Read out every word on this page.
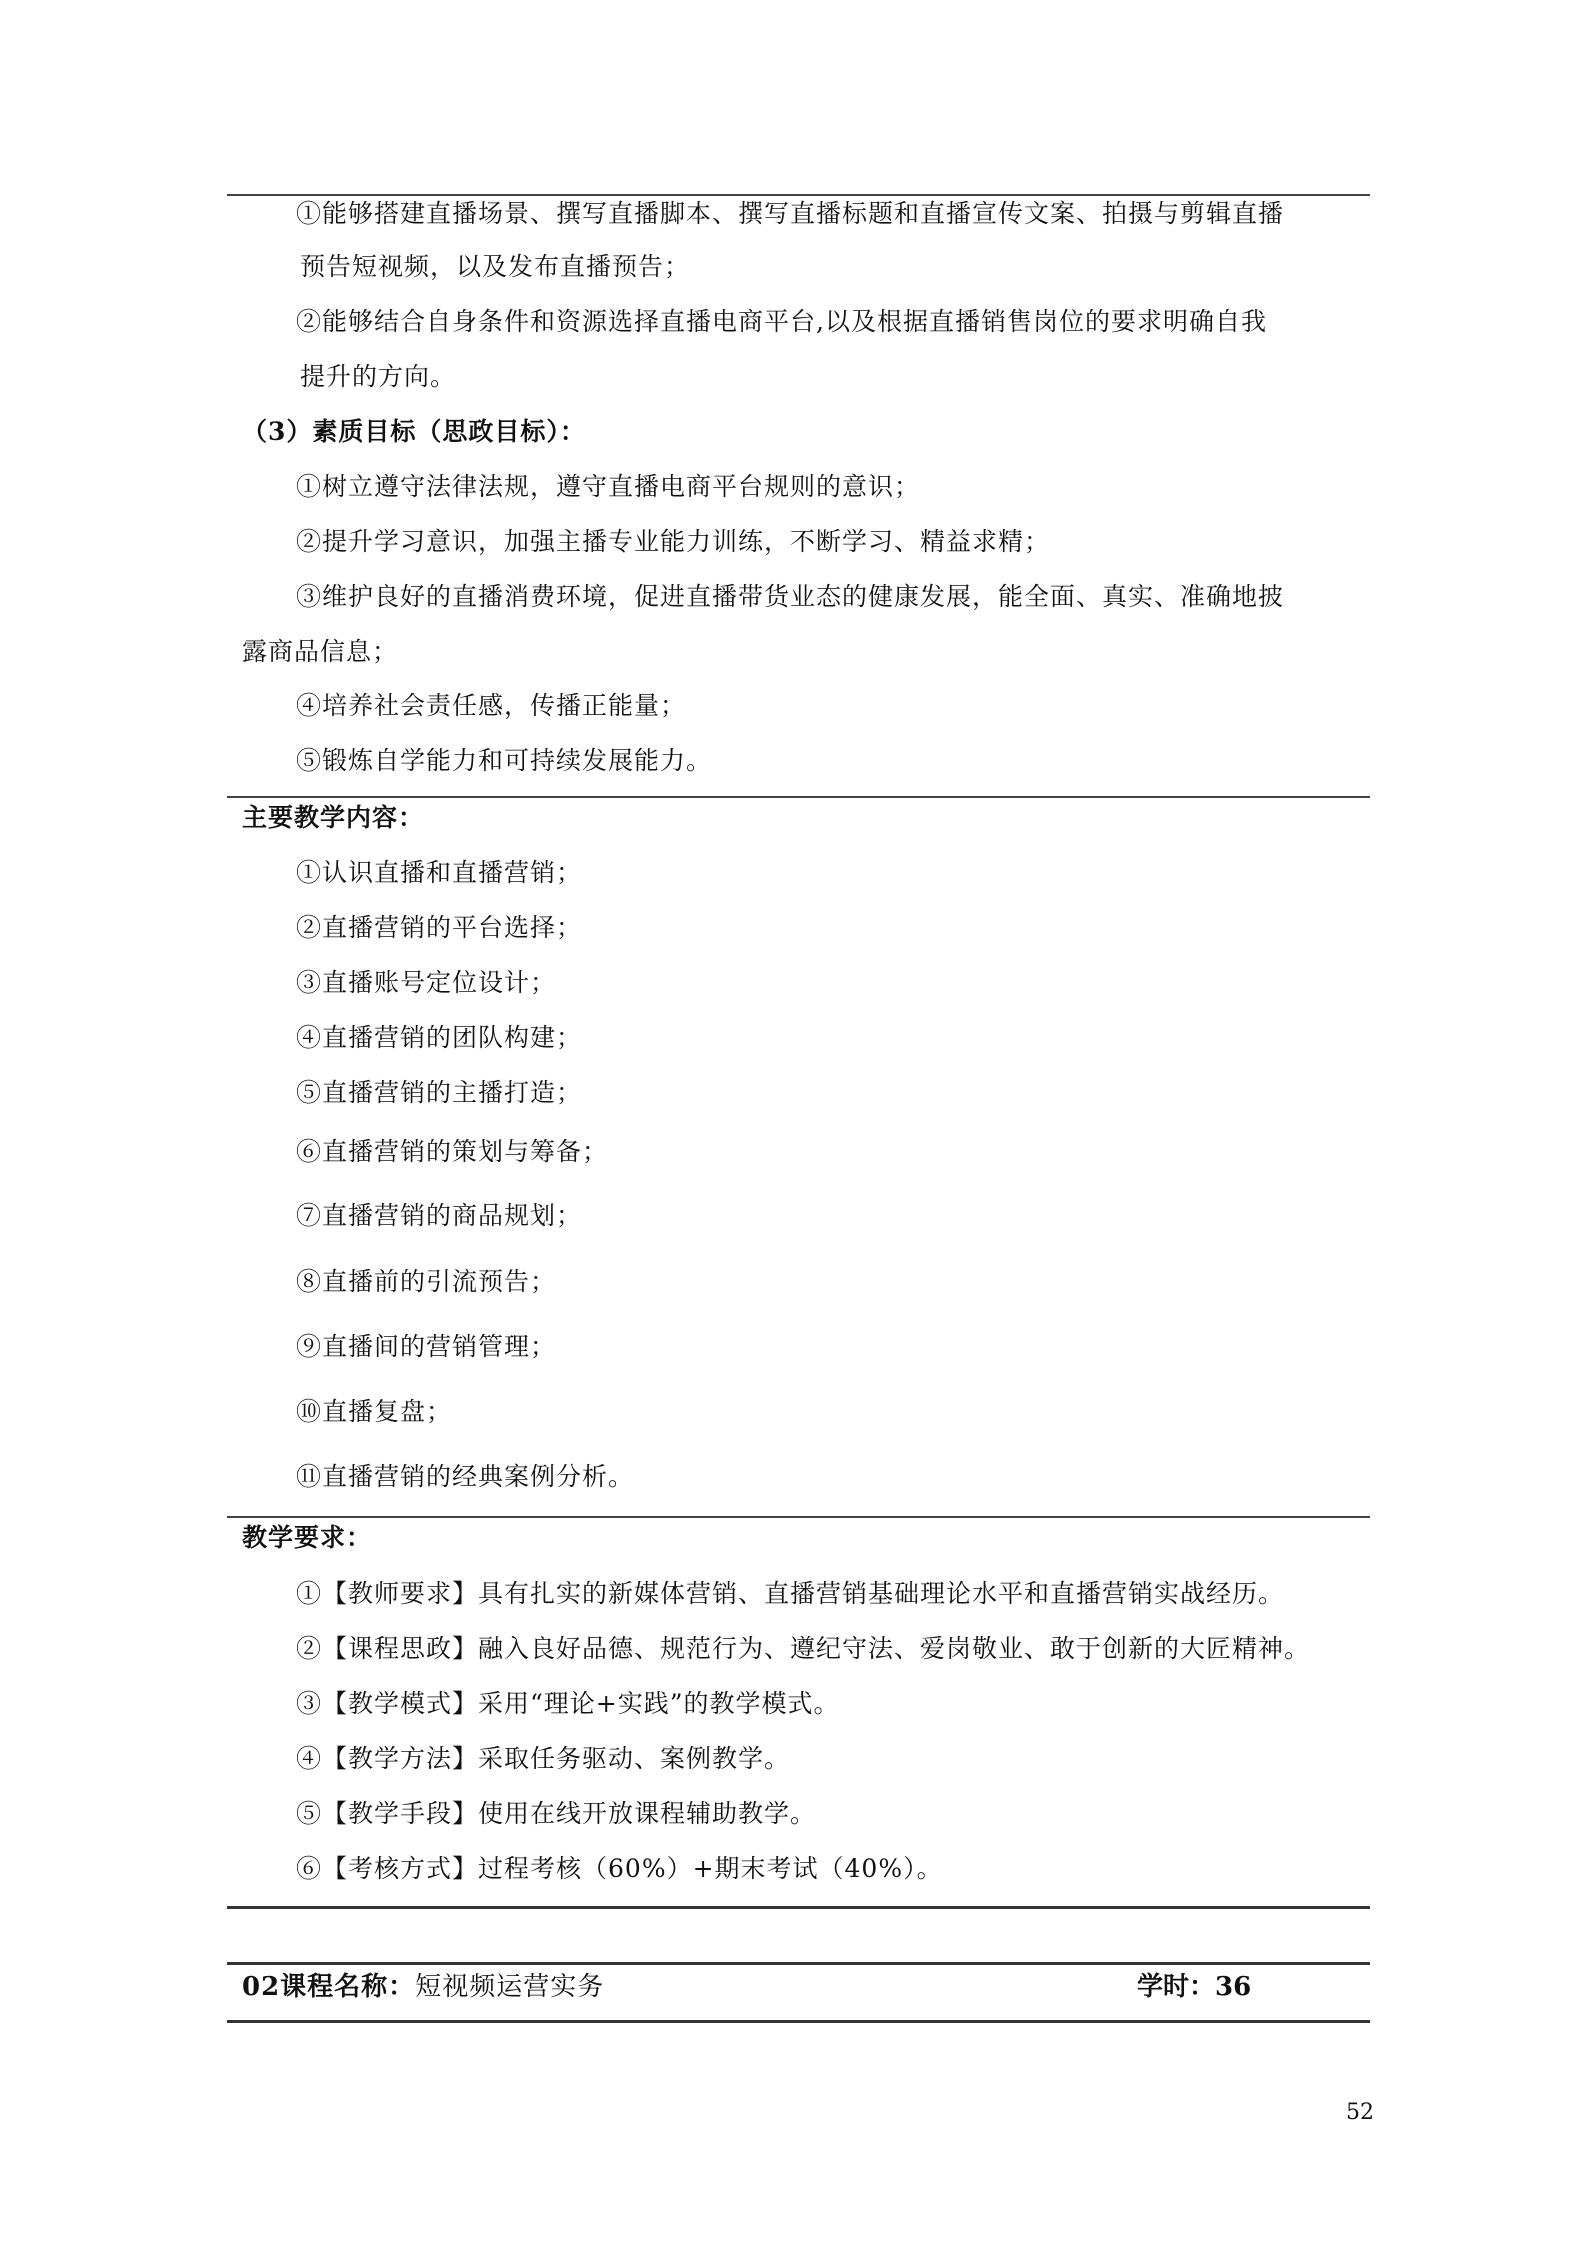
①能够搭建直播场景、撰写直播脚本、撰写直播标题和直播宣传文案、拍摄与剪辑直播
预告短视频，以及发布直播预告；
②能够结合自身条件和资源选择直播电商平台,以及根据直播销售岗位的要求明确自我
提升的方向。
（3）素质目标（思政目标）：
①树立遵守法律法规，遵守直播电商平台规则的意识；
②提升学习意识，加强主播专业能力训练，不断学习、精益求精；
③维护良好的直播消费环境，促进直播带货业态的健康发展，能全面、真实、准确地披
露商品信息；
④培养社会责任感，传播正能量；
⑤锻炼自学能力和可持续发展能力。
主要教学内容：
①认识直播和直播营销；
②直播营销的平台选择；
③直播账号定位设计；
④直播营销的团队构建；
⑤直播营销的主播打造；
⑥直播营销的策划与筹备；
⑦直播营销的商品规划；
⑧直播前的引流预告；
⑨直播间的营销管理；
⑩直播复盘；
⑪直播营销的经典案例分析。
教学要求：
①【教师要求】具有扎实的新媒体营销、直播营销基础理论水平和直播营销实战经历。
②【课程思政】融入良好品德、规范行为、遵纪守法、爱岗敬业、敢于创新的大匠精神。
③【教学模式】采用“理论+实践”的教学模式。
④【教学方法】采取任务驱动、案例教学。
⑤【教学手段】使用在线开放课程辅助教学。
⑥【考核方式】过程考核（60%）+期末考试（40%）。
02课程名称：短视频运营实务	学时：36
52
